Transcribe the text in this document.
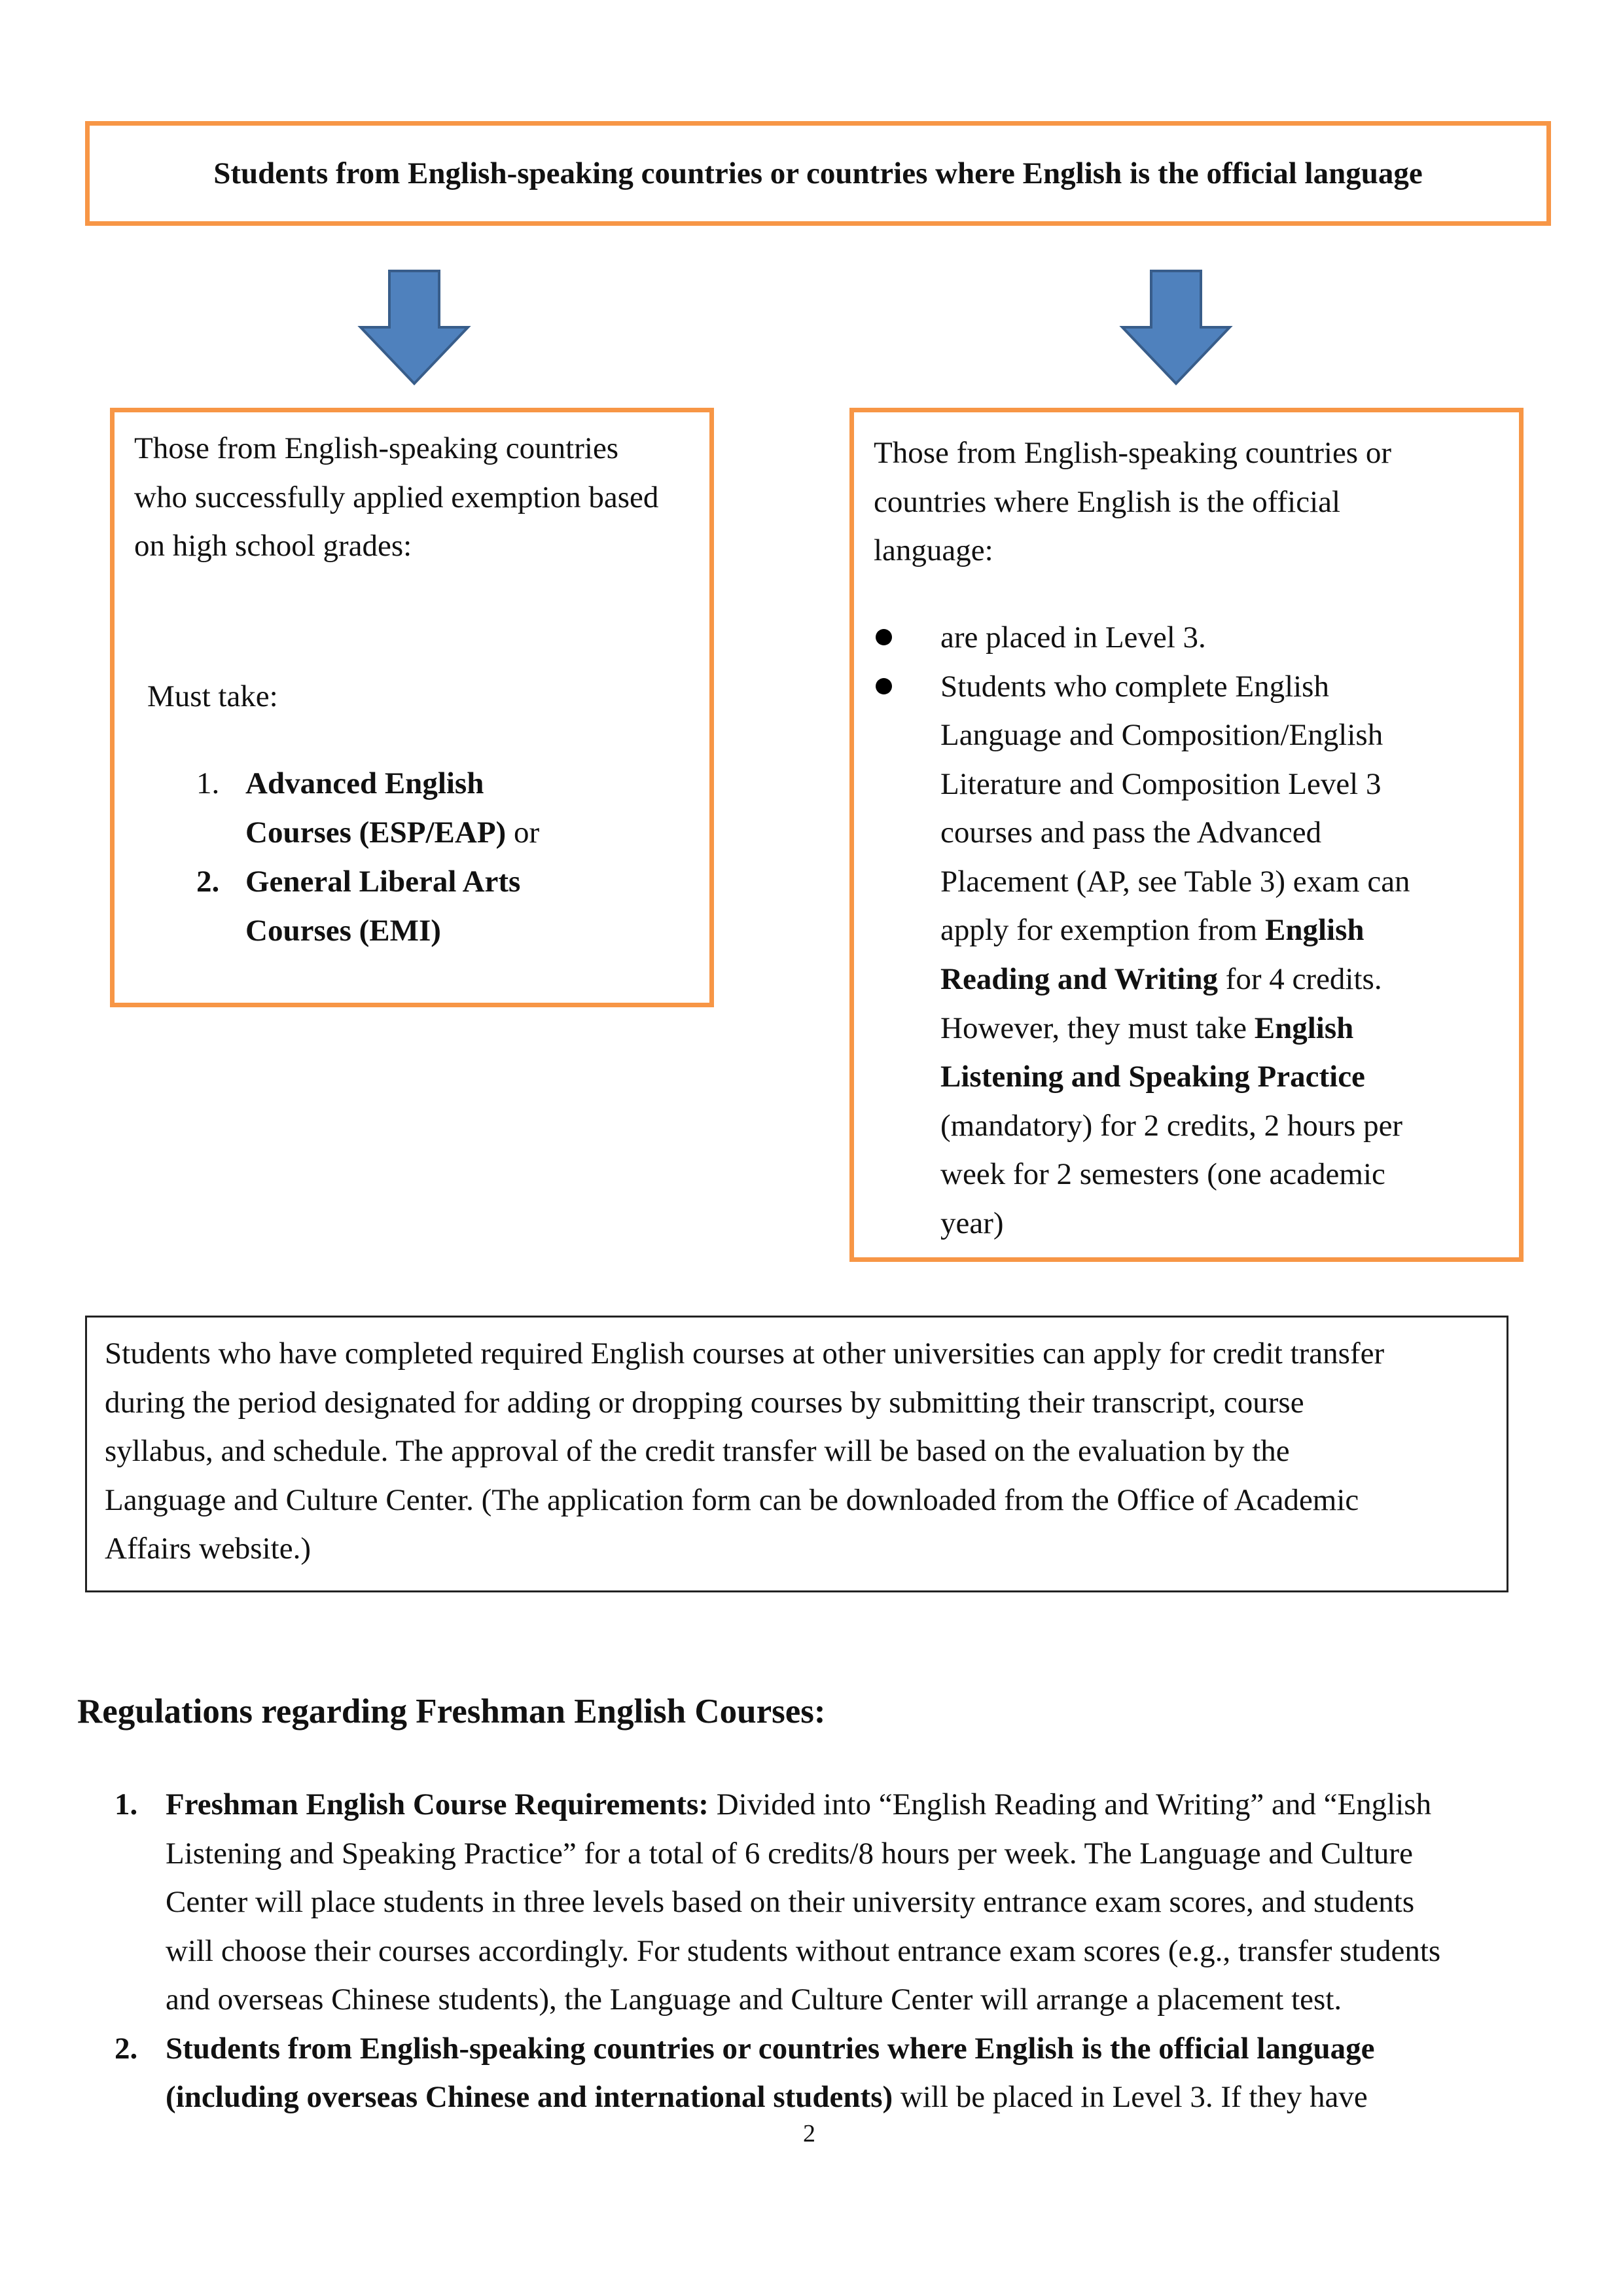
Students from English-speaking countries or countries where English is the official language
Those from English-speaking countries
who successfully applied exemption based
on high school grades:
Must take:
1. Advanced English
Courses (ESP/EAP) or
2. General Liberal Arts
Courses (EMI)
Those from English-speaking countries or
countries where English is the official
language:
are placed in Level 3.
Students who complete English
Language and Composition/English
Literature and Composition Level 3
courses and pass the Advanced
Placement (AP, see Table 3) exam can
apply for exemption from English
Reading and Writing for 4 credits.
However, they must take English
Listening and Speaking Practice
(mandatory) for 2 credits, 2 hours per
week for 2 semesters (one academic
year)
Students who have completed required English courses at other universities can apply for credit transfer
during the period designated for adding or dropping courses by submitting their transcript, course
syllabus, and schedule. The approval of the credit transfer will be based on the evaluation by the
Language and Culture Center. (The application form can be downloaded from the Office of Academic
Affairs website.)
Regulations regarding Freshman English Courses:
1. Freshman English Course Requirements: Divided into “English Reading and Writing” and “English
Listening and Speaking Practice” for a total of 6 credits/8 hours per week. The Language and Culture
Center will place students in three levels based on their university entrance exam scores, and students
will choose their courses accordingly. For students without entrance exam scores (e.g., transfer students
and overseas Chinese students), the Language and Culture Center will arrange a placement test.
2. Students from English-speaking countries or countries where English is the official language
(including overseas Chinese and international students) will be placed in Level 3. If they have
2
